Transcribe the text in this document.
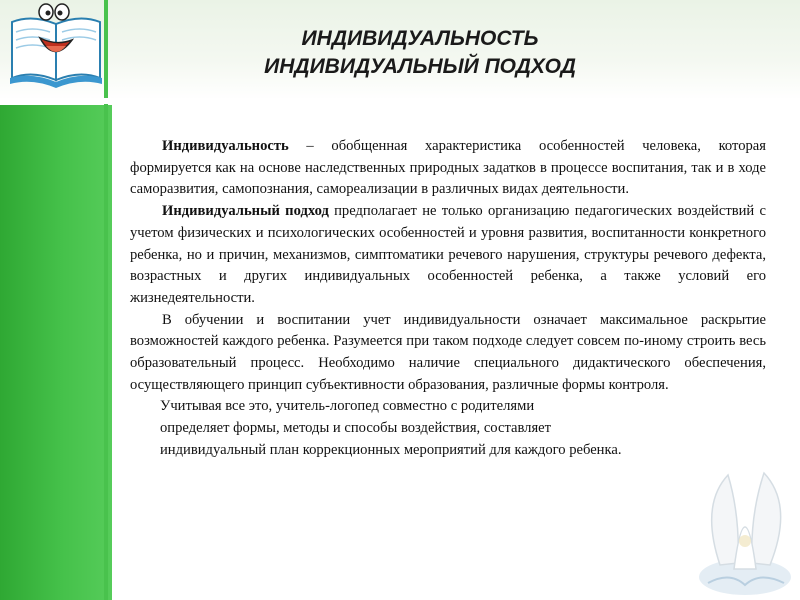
ИНДИВИДУАЛЬНОСТЬ
ИНДИВИДУАЛЬНЫЙ ПОДХОД

Индивидуальность – обобщенная характеристика особенностей человека, которая формируется как на основе наследственных природных задатков в процессе воспитания, так и в ходе саморазвития, самопознания, самореализации в различных видах деятельности.

Индивидуальный подход предполагает не только организацию педагогических воздействий с учетом физических и психологических особенностей и уровня развития, воспитанности конкретного ребенка, но и причин, механизмов, симптоматики речевого нарушения, структуры речевого дефекта, возрастных и других индивидуальных особенностей ребенка, а также условий его жизнедеятельности.

В обучении и воспитании учет индивидуальности означает максимальное раскрытие возможностей каждого ребенка. Разумеется при таком подходе следует совсем по-иному строить весь образовательный процесс. Необходимо наличие специального дидактического обеспечения, осуществляющего принцип субъективности образования, различные формы контроля.

Учитывая все это, учитель-логопед совместно с родителями
определяет формы, методы и способы воздействия, составляет
индивидуальный план коррекционных мероприятий для каждого ребенка.
